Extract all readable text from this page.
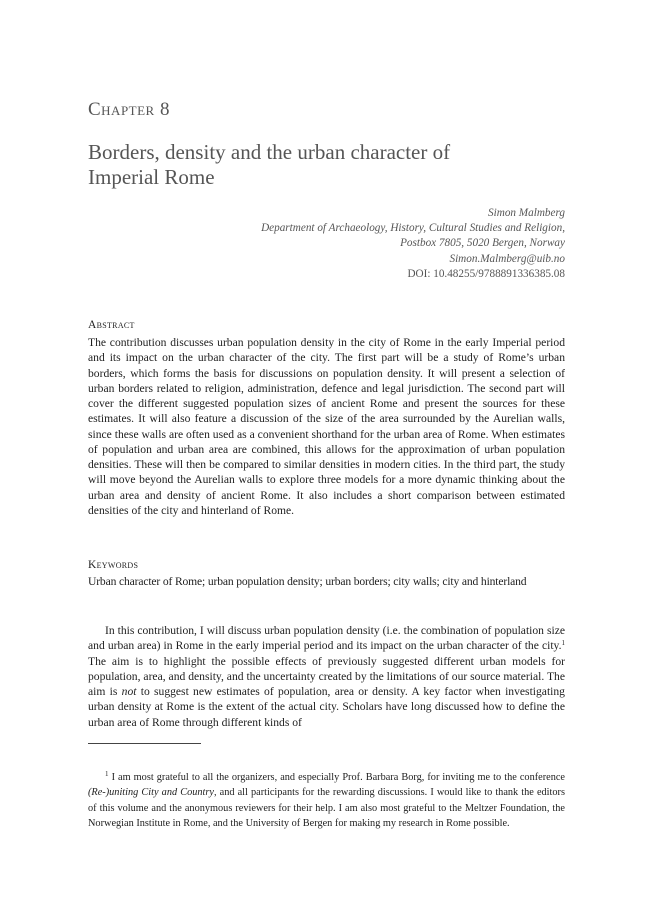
Chapter 8
Borders, density and the urban character of Imperial Rome
Simon Malmberg
Department of Archaeology, History, Cultural Studies and Religion,
Postbox 7805, 5020 Bergen, Norway
Simon.Malmberg@uib.no
DOI: 10.48255/9788891336385.08
Abstract
The contribution discusses urban population density in the city of Rome in the early Imperial period and its impact on the urban character of the city. The first part will be a study of Rome’s urban borders, which forms the basis for discussions on population density. It will present a selection of urban borders related to religion, administration, defence and legal jurisdiction. The second part will cover the different suggested population sizes of ancient Rome and present the sources for these estimates. It will also feature a discussion of the size of the area surrounded by the Aurelian walls, since these walls are often used as a convenient shorthand for the urban area of Rome. When estimates of population and urban area are combined, this allows for the approximation of urban population densities. These will then be compared to similar densities in modern cities. In the third part, the study will move beyond the Aurelian walls to explore three models for a more dynamic thinking about the urban area and density of ancient Rome. It also includes a short comparison between estimated densities of the city and hinterland of Rome.
Keywords
Urban character of Rome; urban population density; urban borders; city walls; city and hinterland
In this contribution, I will discuss urban population density (i.e. the combination of population size and urban area) in Rome in the early imperial period and its impact on the urban character of the city.$^1$ The aim is to highlight the possible effects of previously suggested different urban models for population, area, and density, and the uncertainty created by the limitations of our source material. The aim is not to suggest new estimates of population, area or density. A key factor when investigating urban density at Rome is the extent of the actual city. Scholars have long discussed how to define the urban area of Rome through different kinds of
$^1$ I am most grateful to all the organizers, and especially Prof. Barbara Borg, for inviting me to the conference (Re-)uniting City and Country, and all participants for the rewarding discussions. I would like to thank the editors of this volume and the anonymous reviewers for their help. I am also most grateful to the Meltzer Foundation, the Norwegian Institute in Rome, and the University of Bergen for making my research in Rome possible.
